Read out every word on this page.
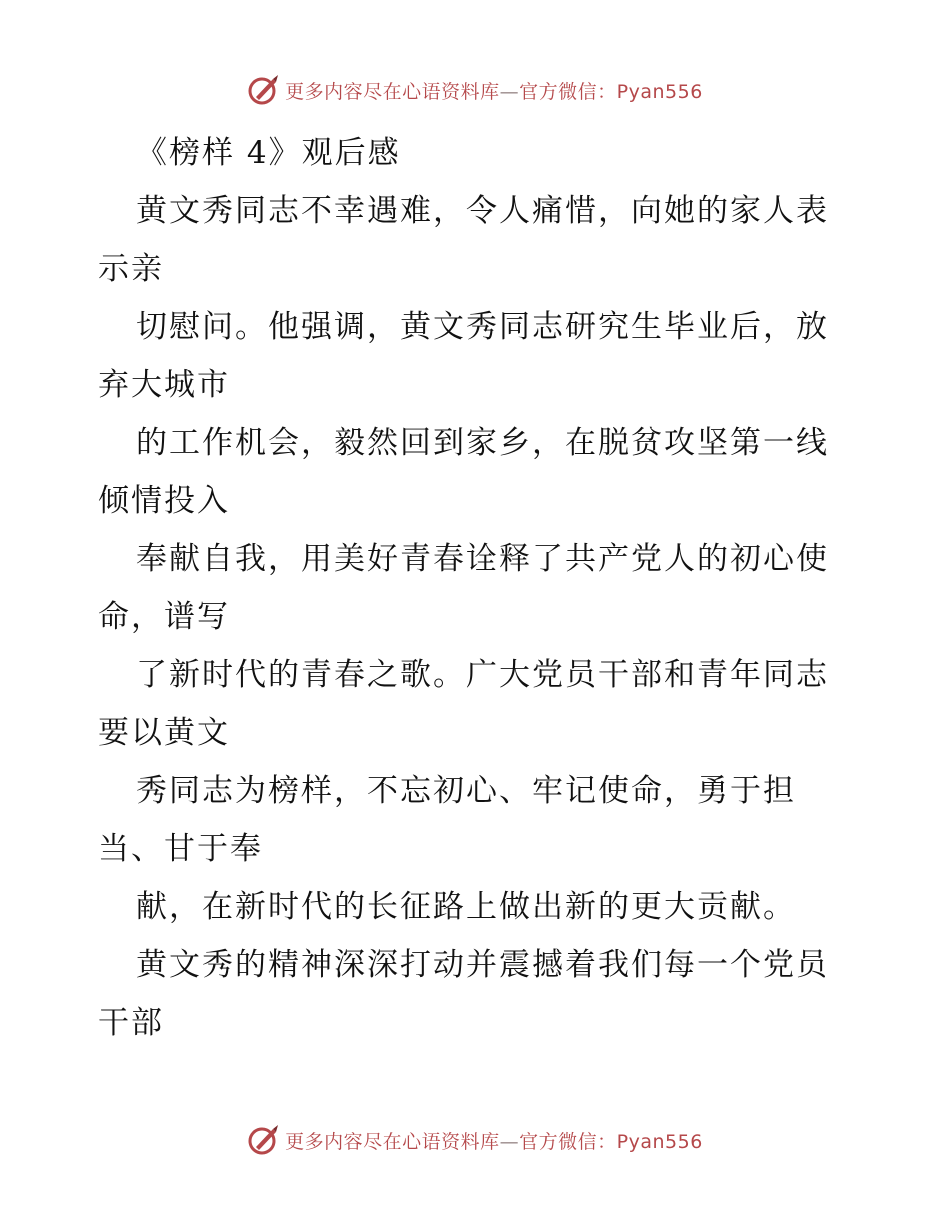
更多内容尽在心语资料库—官方微信：Pyan556
《榜样 4》观后感
黄文秀同志不幸遇难，令人痛惜，向她的家人表
示亲
切慰问。他强调，黄文秀同志研究生毕业后，放
弃大城市
的工作机会，毅然回到家乡，在脱贫攻坚第一线
倾情投入
奉献自我，用美好青春诠释了共产党人的初心使
命，谱写
了新时代的青春之歌。广大党员干部和青年同志
要以黄文
秀同志为榜样，不忘初心、牢记使命，勇于担
当、甘于奉
献，在新时代的长征路上做出新的更大贡献。
黄文秀的精神深深打动并震撼着我们每一个党员
干部
更多内容尽在心语资料库—官方微信：Pyan556
